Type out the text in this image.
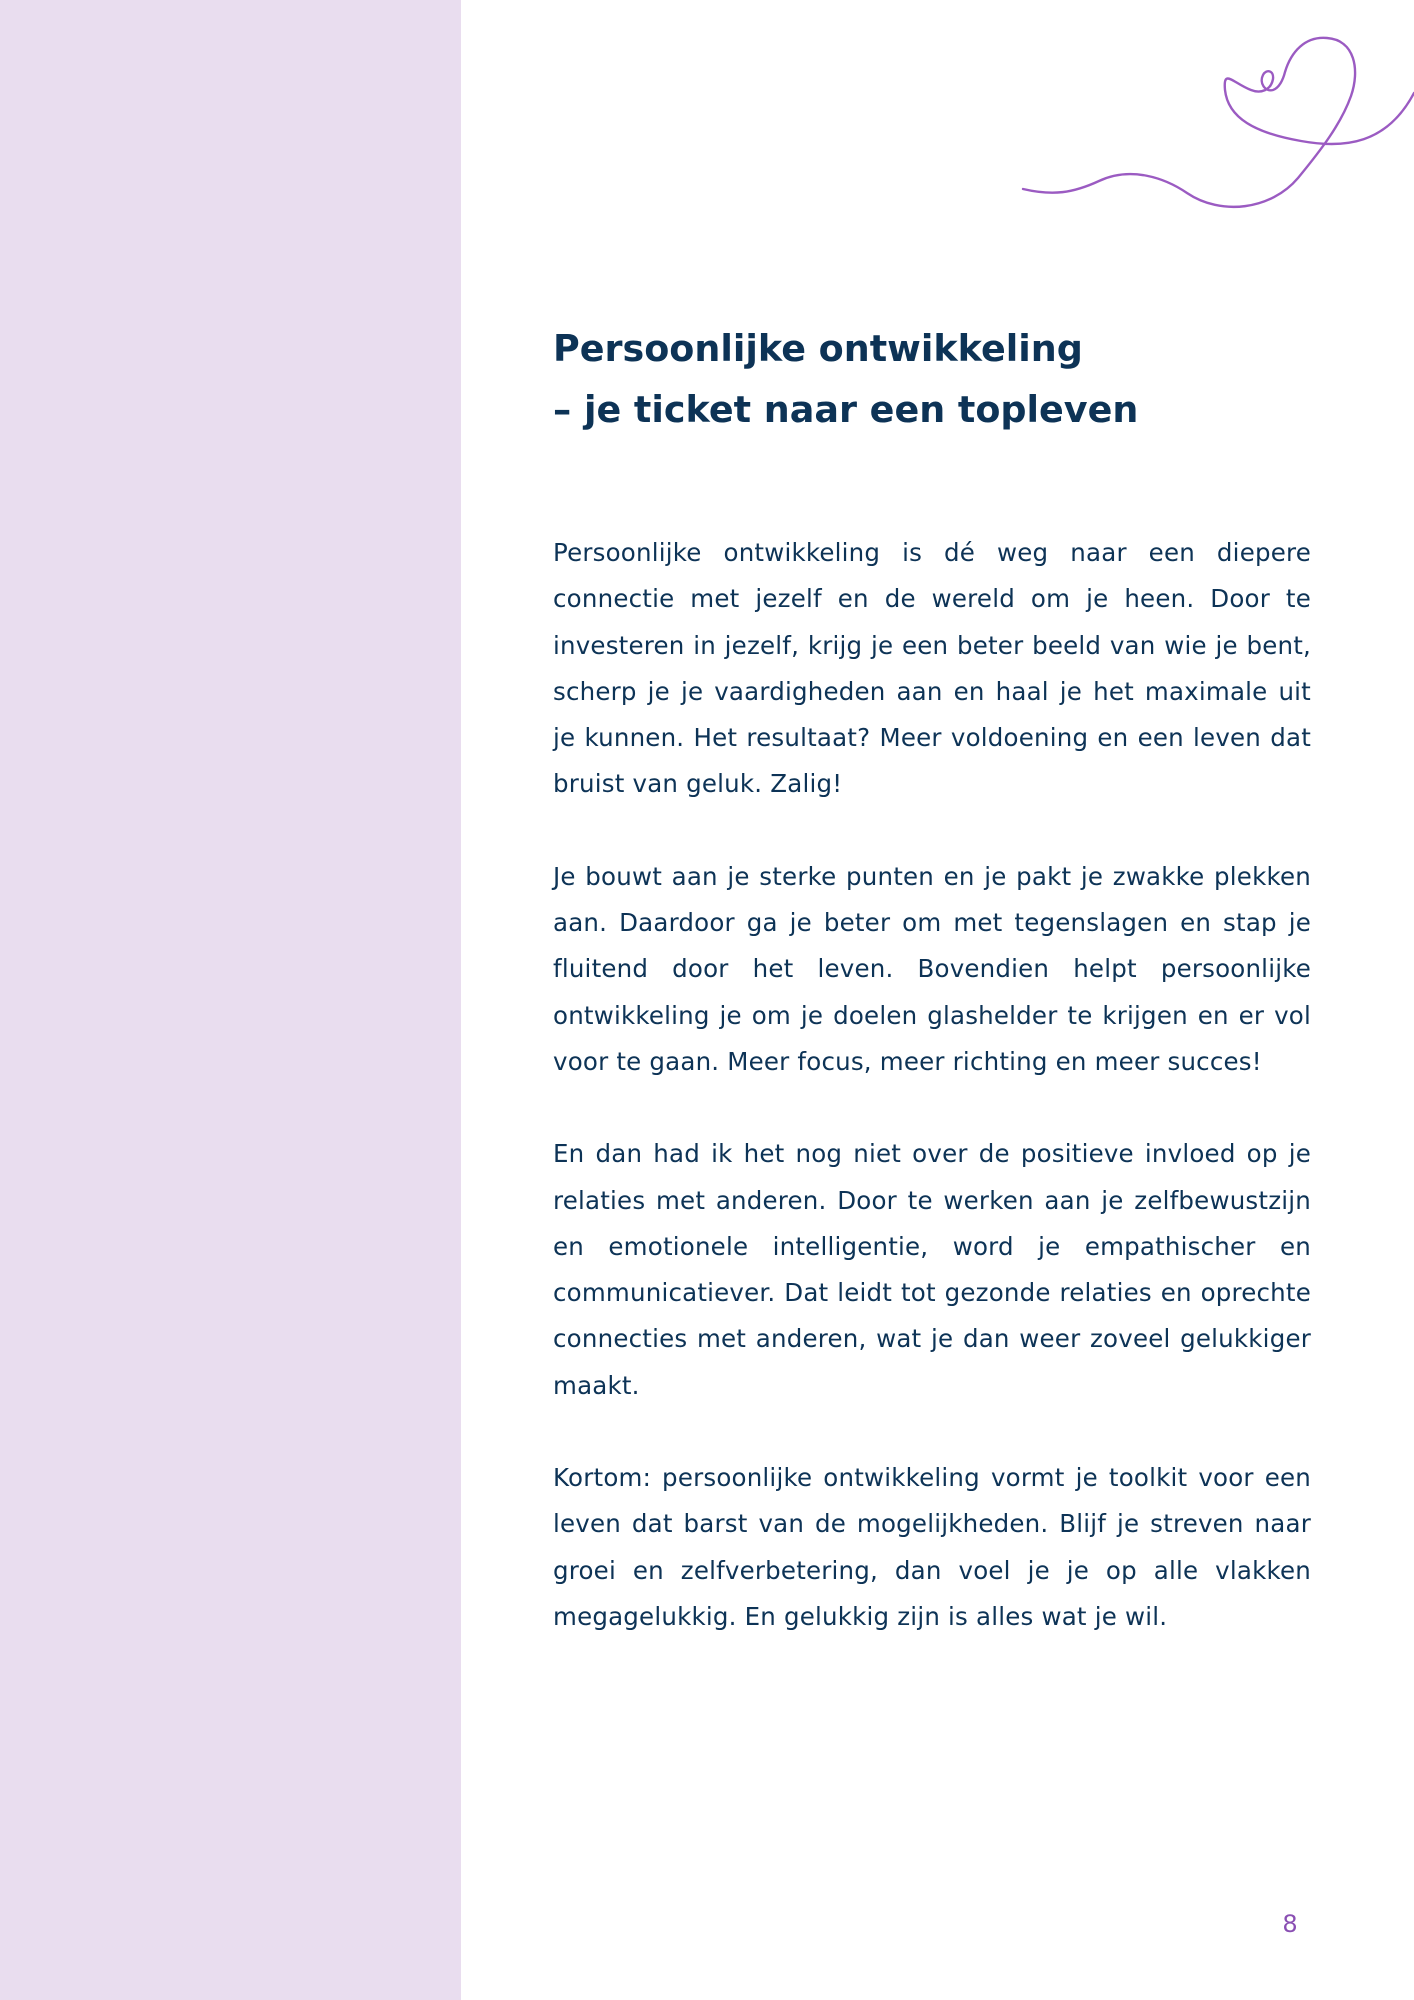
Persoonlijke ontwikkeling
– je ticket naar een topleven

Persoonlijke ontwikkeling is dé weg naar een diepere connectie met jezelf en de wereld om je heen. Door te investeren in jezelf, krijg je een beter beeld van wie je bent, scherp je je vaardigheden aan en haal je het maximale uit je kunnen. Het resultaat? Meer voldoening en een leven dat bruist van geluk. Zalig!

Je bouwt aan je sterke punten en je pakt je zwakke plekken aan. Daardoor ga je beter om met tegenslagen en stap je fluitend door het leven. Bovendien helpt persoonlijke ontwikkeling je om je doelen glashelder te krijgen en er vol voor te gaan. Meer focus, meer richting en meer succes!

En dan had ik het nog niet over de positieve invloed op je relaties met anderen. Door te werken aan je zelfbewustzijn en emotionele intelligentie, word je empathischer en communicatiever. Dat leidt tot gezonde relaties en oprechte connecties met anderen, wat je dan weer zoveel gelukkiger maakt.

Kortom: persoonlijke ontwikkeling vormt je toolkit voor een leven dat barst van de mogelijkheden. Blijf je streven naar groei en zelfverbetering, dan voel je je op alle vlakken megagelukkig. En gelukkig zijn is alles wat je wil.

8
